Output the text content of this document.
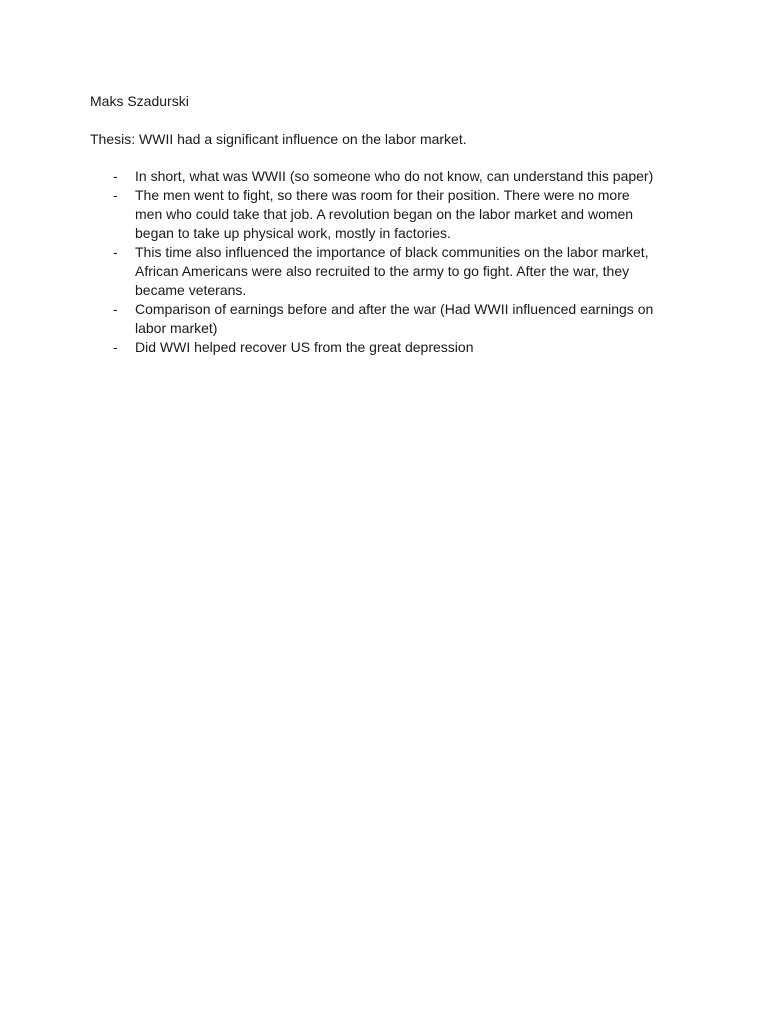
Maks Szadurski

Thesis: WWII had a significant influence on the labor market.

- In short, what was WWII (so someone who do not know, can understand this paper)
- The men went to fight, so there was room for their position. There were no more men who could take that job. A revolution began on the labor market and women began to take up physical work, mostly in factories.
- This time also influenced the importance of black communities on the labor market, African Americans were also recruited to the army to go fight. After the war, they became veterans.
- Comparison of earnings before and after the war (Had WWII influenced earnings on labor market)
- Did WWI helped recover US from the great depression
